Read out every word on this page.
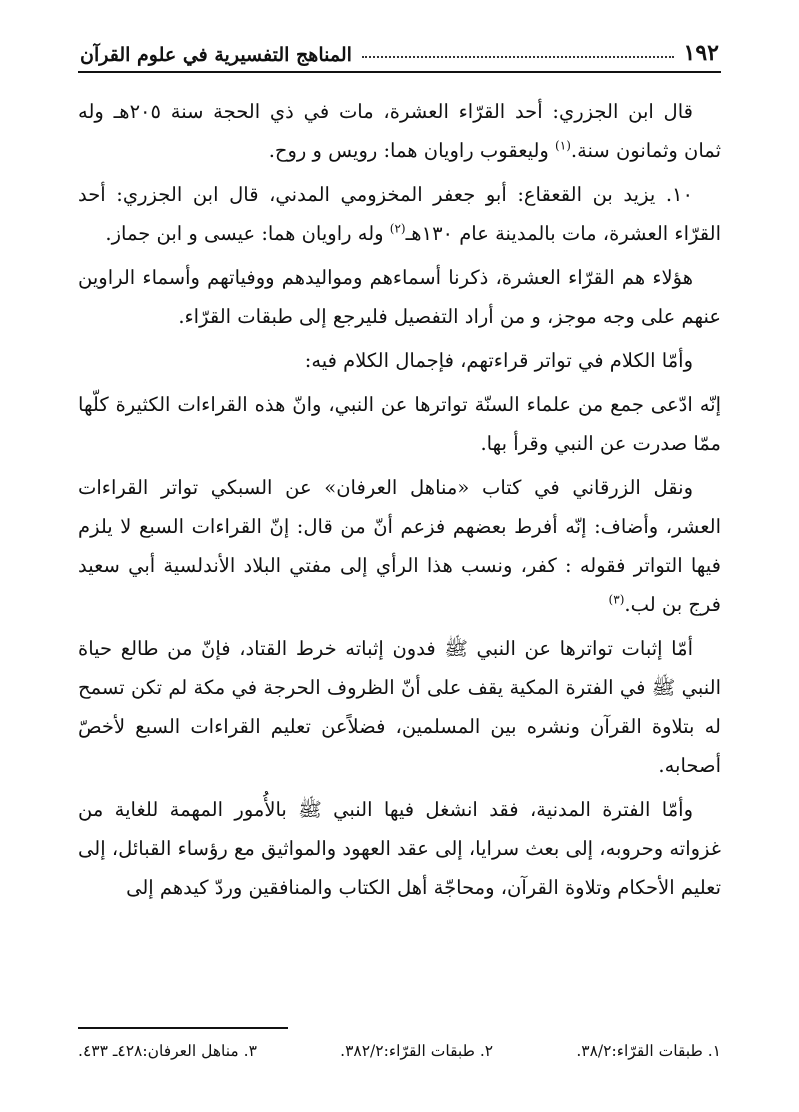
١٩٢
المناهج التفسيرية في علوم القرآن

قال ابن الجزري: أحد القرّاء العشرة، مات في ذي الحجة سنة ٢٠٥هـ وله ثمان وثمانون سنة.$^{(١)}$ وليعقوب راويان هما: رويس و روح.

١٠. يزيد بن القعقاع: أبو جعفر المخزومي المدني، قال ابن الجزري: أحد القرّاء العشرة، مات بالمدينة عام ١٣٠هـ$^{(٢)}$ وله راويان هما: عيسى و ابن جماز.

هؤلاء هم القرّاء العشرة، ذكرنا أسماءهم ومواليدهم ووفياتهم وأسماء الراوين عنهم على وجه موجز، و من أراد التفصيل فليرجع إلى طبقات القرّاء.

وأمّا الكلام في تواتر قراءتهم، فإجمال الكلام فيه:

إنّه ادّعى جمع من علماء السنّة تواترها عن النبي، وانّ هذه القراءات الكثيرة كلّها ممّا صدرت عن النبي وقرأ بها.

ونقل الزرقاني في كتاب «مناهل العرفان» عن السبكي تواتر القراءات العشر، وأضاف: إنّه أفرط بعضهم فزعم أنّ من قال: إنّ القراءات السبع لا يلزم فيها التواتر فقوله : كفر، ونسب هذا الرأي إلى مفتي البلاد الأندلسية أبي سعيد فرج بن لب.$^{(٣)}$

أمّا إثبات تواترها عن النبي ﷺ فدون إثباته خرط القتاد، فإنّ من طالع حياة النبي ﷺ في الفترة المكية يقف على أنّ الظروف الحرجة في مكة لم تكن تسمح له بتلاوة القرآن ونشره بين المسلمين، فضلاًعن تعليم القراءات السبع لأخصّ أصحابه.

وأمّا الفترة المدنية، فقد انشغل فيها النبي ﷺ بالأُمور المهمة للغاية من غزواته وحروبه، إلى بعث سرايا، إلى عقد العهود والمواثيق مع رؤساء القبائل، إلى تعليم الأحكام وتلاوة القرآن، ومحاجّة أهل الكتاب والمنافقين وردّ كيدهم إلى

١. طبقات القرّاء:٣٨/٢.
٢. طبقات القرّاء:٣٨٢/٢.
٣. مناهل العرفان:٤٢٨ـ ٤٣٣.
